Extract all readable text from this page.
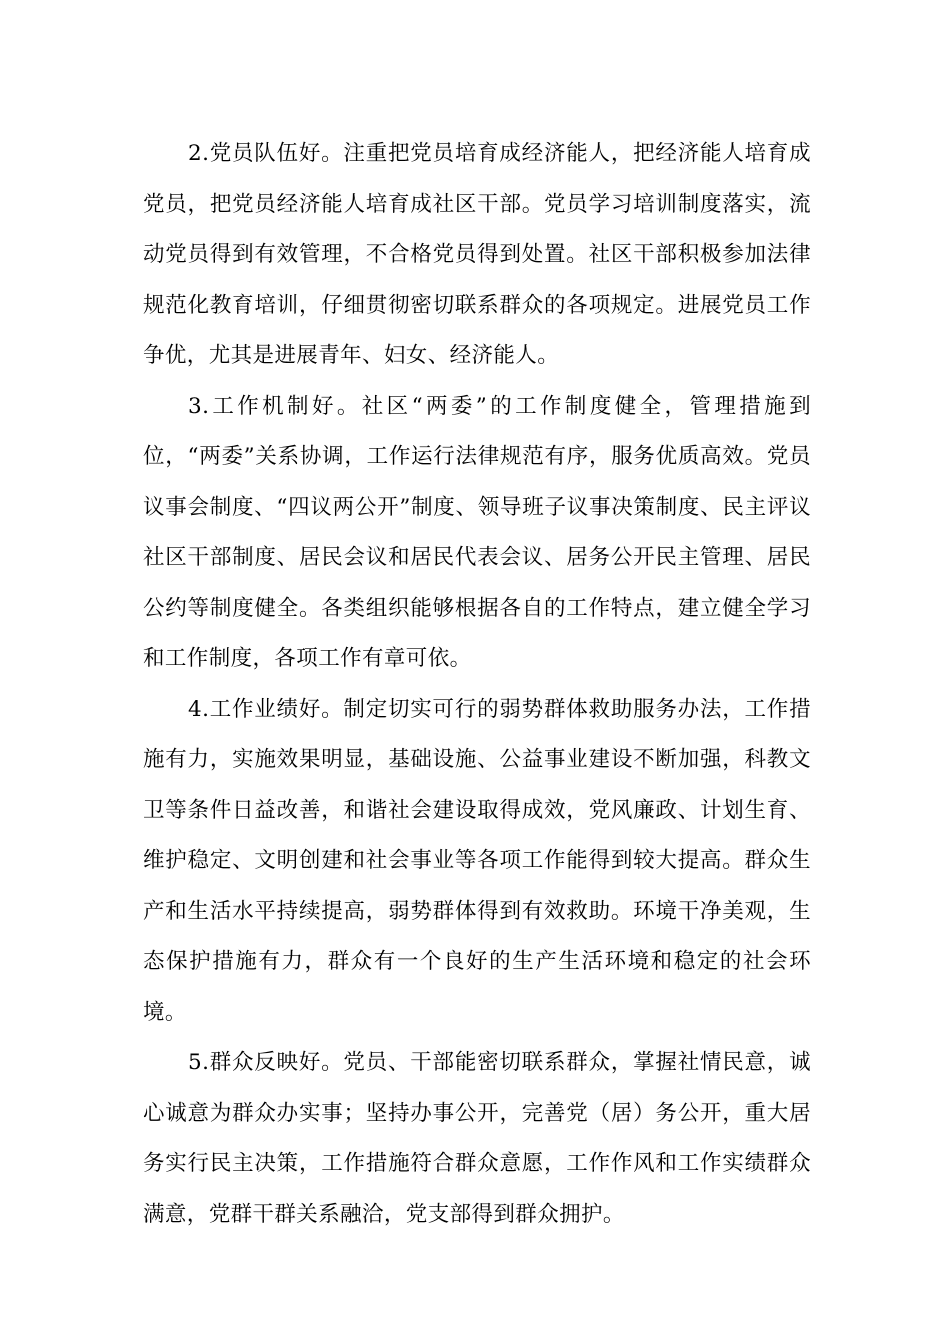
2.党员队伍好。注重把党员培育成经济能人，把经济能人培育成党员，把党员经济能人培育成社区干部。党员学习培训制度落实，流动党员得到有效管理，不合格党员得到处置。社区干部积极参加法律规范化教育培训，仔细贯彻密切联系群众的各项规定。进展党员工作争优，尤其是进展青年、妇女、经济能人。

3.工作机制好。社区“两委”的工作制度健全，管理措施到位，“两委”关系协调，工作运行法律规范有序，服务优质高效。党员议事会制度、“四议两公开”制度、领导班子议事决策制度、民主评议社区干部制度、居民会议和居民代表会议、居务公开民主管理、居民公约等制度健全。各类组织能够根据各自的工作特点，建立健全学习和工作制度，各项工作有章可依。

4.工作业绩好。制定切实可行的弱势群体救助服务办法，工作措施有力，实施效果明显，基础设施、公益事业建设不断加强，科教文卫等条件日益改善，和谐社会建设取得成效，党风廉政、计划生育、维护稳定、文明创建和社会事业等各项工作能得到较大提高。群众生产和生活水平持续提高，弱势群体得到有效救助。环境干净美观，生态保护措施有力，群众有一个良好的生产生活环境和稳定的社会环境。

5.群众反映好。党员、干部能密切联系群众，掌握社情民意，诚心诚意为群众办实事；坚持办事公开，完善党（居）务公开，重大居务实行民主决策，工作措施符合群众意愿，工作作风和工作实绩群众满意，党群干群关系融洽，党支部得到群众拥护。
